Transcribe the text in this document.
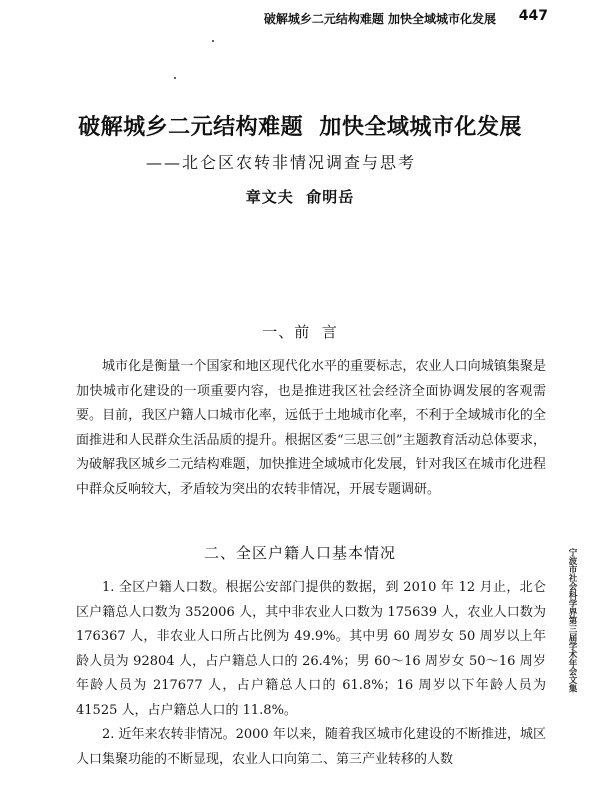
破解城乡二元结构难题 加快全域城市化发展 447
破解城乡二元结构难题  加快全域城市化发展
——北仑区农转非情况调查与思考
章文夫  俞明岳
一、前  言

城市化是衡量一个国家和地区现代化水平的重要标志，农业人口向城镇集聚是加快城市化建设的一项重要内容，也是推进我区社会经济全面协调发展的客观需要。目前，我区户籍人口城市化率，远低于土地城市化率，不利于全域城市化的全面推进和人民群众生活品质的提升。根据区委“三思三创”主题教育活动总体要求，为破解我区城乡二元结构难题，加快推进全域城市化发展，针对我区在城市化进程中群众反响较大，矛盾较为突出的农转非情况，开展专题调研。

二、全区户籍人口基本情况

1. 全区户籍人口数。根据公安部门提供的数据，到 2010 年 12 月止，北仑区户籍总人口数为 352006 人，其中非农业人口数为 175639 人，农业人口数为 176367 人，非农业人口所占比例为 49.9%。其中男 60 周岁女 50 周岁以上年龄人员为 92804 人，占户籍总人口的 26.4%；男 60～16 周岁女 50～16 周岁年龄人员为 217677 人，占户籍总人口的 61.8%；16 周岁以下年龄人员为 41525 人，占户籍总人口的 11.8%。

2. 近年来农转非情况。2000 年以来，随着我区城市化建设的不断推进，城区人口集聚功能的不断显现，农业人口向第二、第三产业转移的人数

宁波市社会科学界第三届学术年会文集
